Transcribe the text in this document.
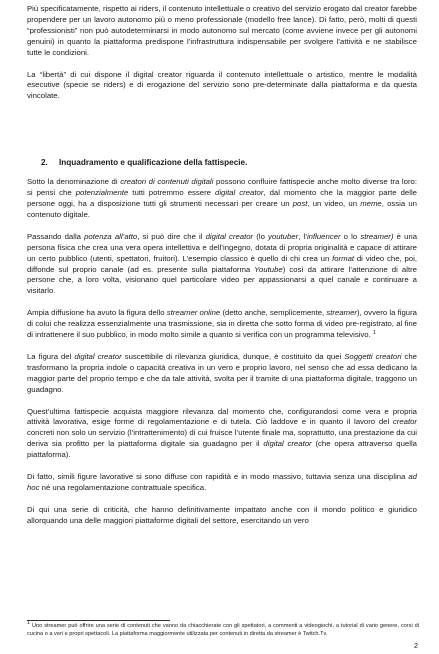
Più specificatamente, rispetto ai riders, il contenuto intellettuale o creativo del servizio erogato dal creator farebbe propendere per un lavoro autonomo più o meno professionale (modello free lance). Di fatto, però, molti di questi “professionisti” non può autodeterminarsi in modo autonomo sul mercato (come avviene invece per gli autonomi genuini) in quanto la piattaforma predispone l’infrastruttura indispensabile per svolgere l’attività e ne stabilisce tutte le condizioni.

La “libertà” di cui dispone il digital creator riguarda il contenuto intellettuale o artistico, mentre le modalità esecutive (specie se riders) e di erogazione del servizio sono pre-determinate dalla piattaforma e da questa vincolate.

2. Inquadramento e qualificazione della fattispecie.

Sotto la denominazione di creatori di contenuti digitali possono confluire fattispecie anche molto diverse tra loro: si pensi che potenzialmente tutti potremmo essere digital creator, dal momento che la maggior parte delle persone oggi, ha a disposizione tutti gli strumenti necessari per creare un post, un video, un meme, ossia un contenuto digitale.

Passando dalla potenza all’atto, si può dire che il digital creator (lo youtuber, l’influencer o lo streamer) è una persona fisica che crea una vera opera intellettiva e dell’ingegno, dotata di propria originalità e capace di attirare un certo pubblico (utenti, spettatori, fruitori). L’esempio classico è quello di chi crea un format di video che, poi, diffonde sul proprio canale (ad es. presente sulla piattaforma Youtube) così da attirare l’attenzione di altre persone che, a loro volta, visionano quel particolare video per appassionarsi a quel canale e continuare a visitarlo.

Ampia diffusione ha avuto la figura dello streamer online (detto anche, semplicemente, streamer), ovvero la figura di colui che realizza essenzialmente una trasmissione, sia in diretta che sotto forma di video pre-registrato, al fine di intrattenere il suo pubblico, in modo molto simile a quanto si verifica con un programma televisivo. $^1$

La figura del digital creator suscettibile di rilevanza giuridica, dunque, è costituito da quei Soggetti creatori che trasformano la propria indole o capacità creativa in un vero e proprio lavoro, nel senso che ad essa dedicano la maggior parte del proprio tempo e che da tale attività, svolta per il tramite di una piattaforma digitale, traggono un guadagno.

Quest’ultima fattispecie acquista maggiore rilevanza dal momento che, configurandosi come vera e propria attività lavorativa, esige forme di regolamentazione e di tutela. Ciò laddove e in quanto il lavoro del creator concreti non solo un servizio (l’intrattenimento) di cui fruisce l’utente finale ma, soprattutto, una prestazione da cui deriva sia profitto per la piattaforma digitale sia guadagno per il digital creator (che opera attraverso quella piattaforma).

Di fatto, simili figure lavorative si sono diffuse con rapidità e in modo massivo, tuttavia senza una disciplina ad hoc né una regolamentazione contrattuale specifica.

Di qui una serie di criticità, che hanno definitivamente impattato anche con il mondo politico e giuridico allorquando una delle maggiori piattaforme digitali del settore, esercitando un vero

$^1$ Uno streamer può offrire una serie di contenuti che vanno da chiacchierate con gli spettatori, a commenti a videogiochi, a tutorial di vario genere, corsi di cucina o a veri e propri spettacoli. La piattaforma maggiormente utilizzata per contenuti in diretta da streamer è Twitch.Tv.

2
